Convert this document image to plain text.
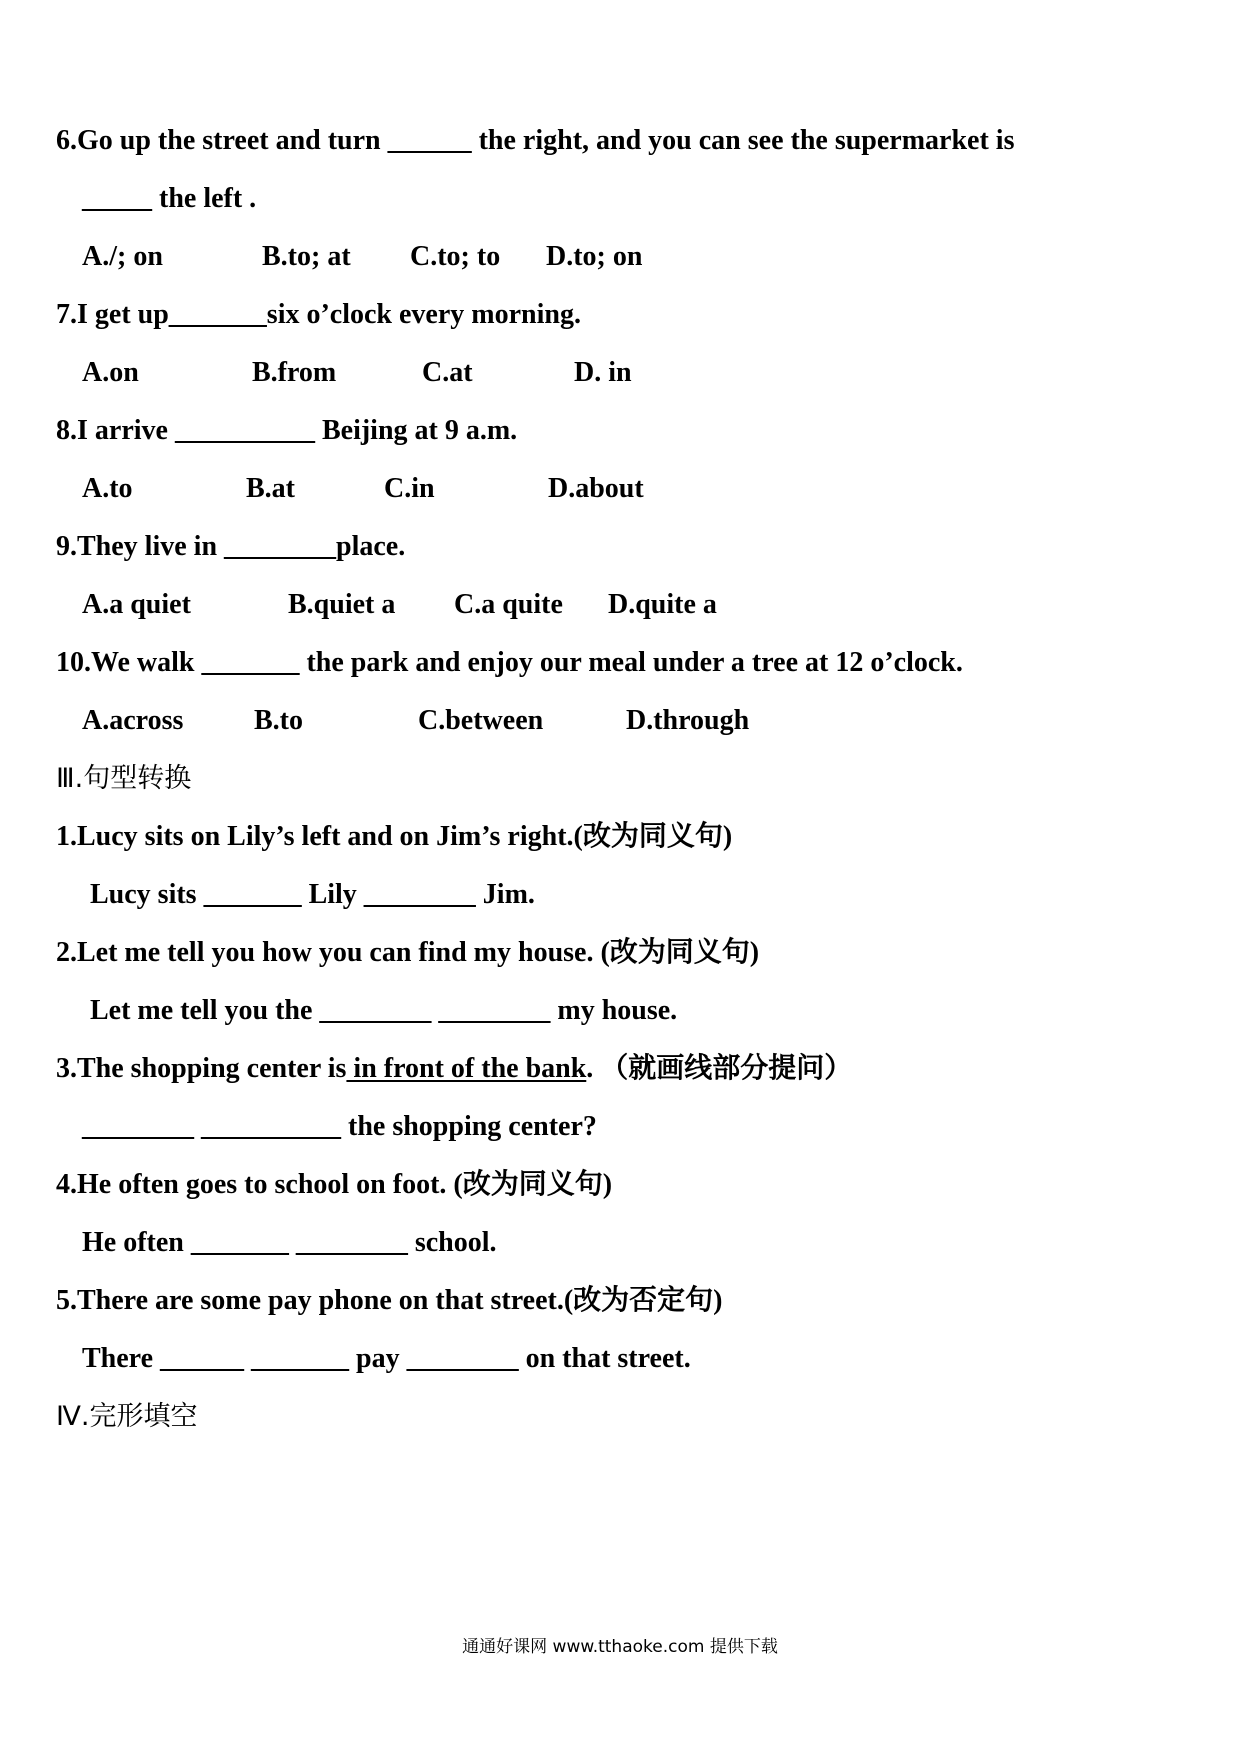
6.Go up the street and turn ______ the right, and you can see the supermarket is
_____ the left .
A./; on	B.to; at C.to; to D.to; on
7.I get up_______six o’clock every morning.
A.on	B.from	C.at	D. in
8.I arrive __________ Beijing at 9 a.m.
A.to	B.at	C.in	D.about
9.They live in ________place.
A.a quiet	B.quiet a C.a quite D.quite a
10.We walk _______ the park and enjoy our meal under a tree at 12 o’clock.
A.across	B.to	C.between	D.through
Ⅲ.句型转换
1.Lucy sits on Lily’s left and on Jim’s right.(改为同义句)
Lucy sits _______ Lily ________ Jim.
2.Let me tell you how you can find my house. (改为同义句)
Let me tell you the ________ ________ my house.
3.The shopping center is in front of the bank. （就画线部分提问）
________ __________ the shopping center?
4.He often goes to school on foot. (改为同义句)
He often _______ ________ school.
5.There are some pay phone on that street.(改为否定句)
There ______ _______ pay ________ on that street.
Ⅳ.完形填空
通通好课网 www.tthaoke.com 提供下载
